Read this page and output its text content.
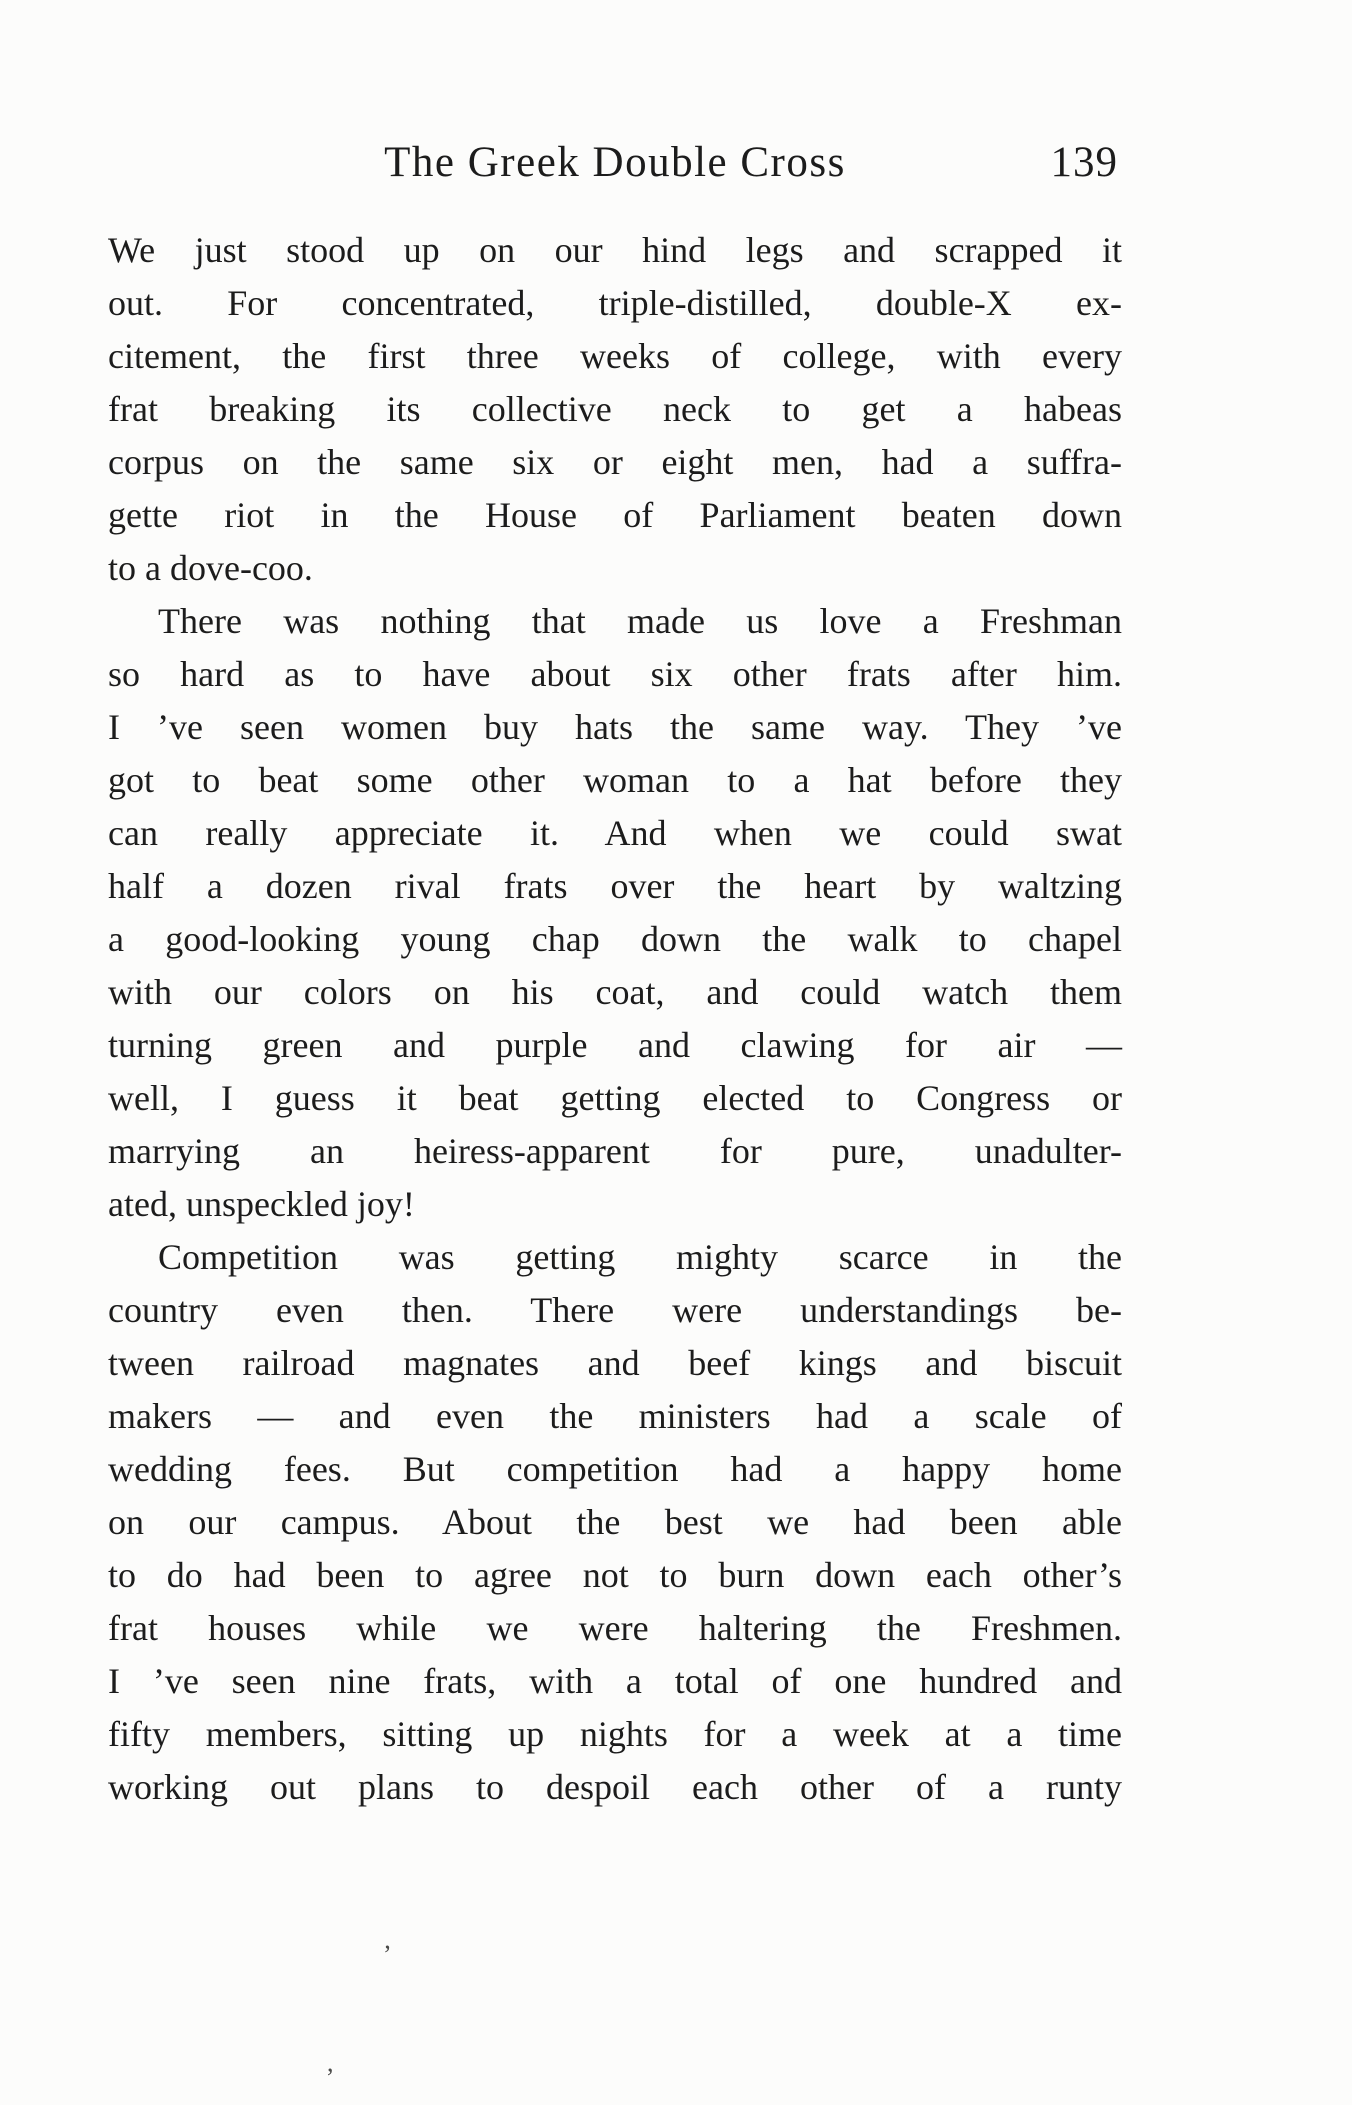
The Greek Double Cross	139
We just stood up on our hind legs and scrapped it
out. For concentrated, triple-distilled, double-X ex-
citement, the first three weeks of college, with every
frat breaking its collective neck to get a habeas
corpus on the same six or eight men, had a suffra-
gette riot in the House of Parliament beaten down
to a dove-coo.
There was nothing that made us love a Freshman
so hard as to have about six other frats after him.
I ’ve seen women buy hats the same way. They ’ve
got to beat some other woman to a hat before they
can really appreciate it. And when we could swat
half a dozen rival frats over the heart by waltzing
a good-looking young chap down the walk to chapel
with our colors on his coat, and could watch them
turning green and purple and clawing for air —
well, I guess it beat getting elected to Congress or
marrying an heiress-apparent for pure, unadulter-
ated, unspeckled joy!
Competition was getting mighty scarce in the
country even then. There were understandings be-
tween railroad magnates and beef kings and biscuit
makers — and even the ministers had a scale of
wedding fees. But competition had a happy home
on our campus. About the best we had been able
to do had been to agree not to burn down each other’s
frat houses while we were haltering the Freshmen.
I ’ve seen nine frats, with a total of one hundred and
fifty members, sitting up nights for a week at a time
working out plans to despoil each other of a runty
’
,
